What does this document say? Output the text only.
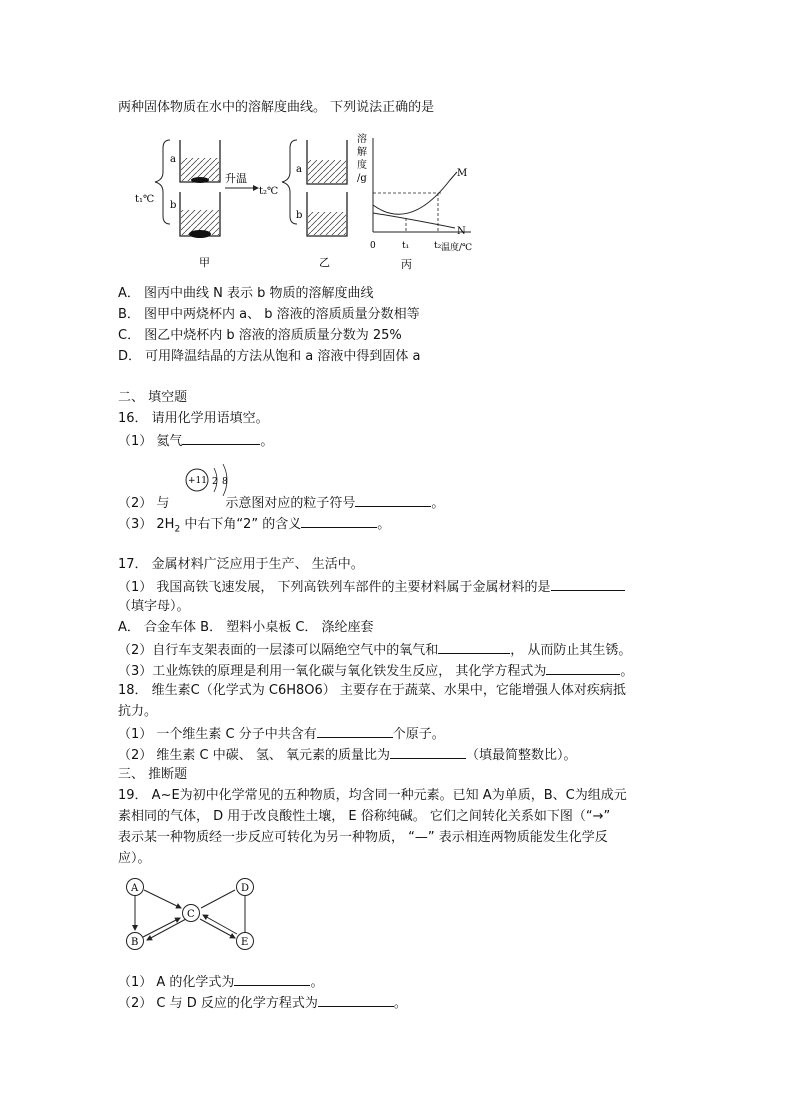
两种固体物质在水中的溶解度曲线。 下列说法正确的是
t₁℃
a
b
甲
升温
t₂℃
a
b
乙
溶
解
度
/g	M
N
0	t₁	t₂ 温度/℃
丙
A． 图丙中曲线 N 表示 b 物质的溶解度曲线
B． 图甲中两烧杯内 a、 b 溶液的溶质质量分数相等
C． 图乙中烧杯内 b 溶液的溶质质量分数为 25%
D． 可用降温结晶的方法从饱和 a 溶液中得到固体 a
二、 填空题
16． 请用化学用语填空。
（1） 氦气	。
+11 2 8
（2） 与	示意图对应的粒子符号	。
（3） $2H_2$ 中右下角“2” 的含义	。
17． 金属材料广泛应用于生产、 生活中。
（1） 我国高铁飞速发展， 下列高铁列车部件的主要材料属于金属材料的是
（填字母）。
A． 合金车体 B． 塑料小桌板 C． 涤纶座套
（2）自行车支架表面的一层漆可以隔绝空气中的氧气和	， 从而防止其生锈。
（3）工业炼铁的原理是利用一氧化碳与氧化铁发生反应， 其化学方程式为	。
18． 维生素C（化学式为 C6H8O6） 主要存在于蔬菜、水果中，它能增强人体对疾病抵
抗力。
（1） 一个维生素 C 分子中共含有	个原子。
（2） 维生素 C 中碳、 氢、 氧元素的质量比为	（填最简整数比）。
三、 推断题
19． A~E为初中化学常见的五种物质，均含同一种元素。已知 A为单质，B、C为组成元
素相同的气体， D 用于改良酸性土壤， E 俗称纯碱。 它们之间转化关系如下图（“→”
表示某一种物质经一步反应可转化为另一种物质， “—” 表示相连两物质能发生化学反
应）。
A
C
D
B	E
（1） A 的化学式为	。
（2） C 与 D 反应的化学方程式为	。
